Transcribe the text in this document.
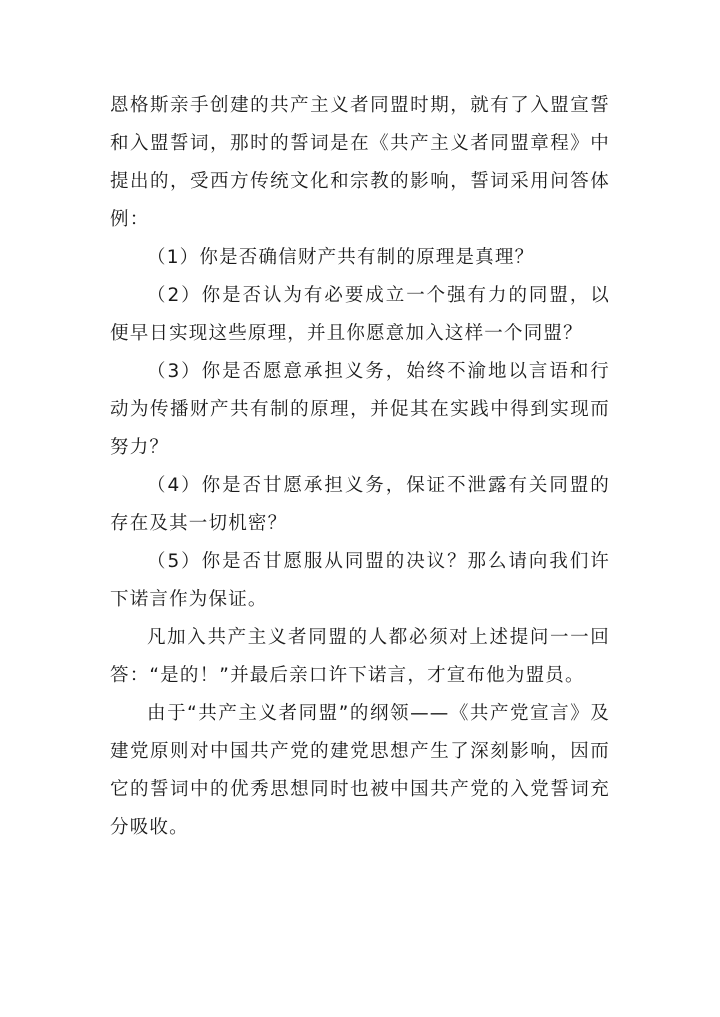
恩格斯亲手创建的共产主义者同盟时期，就有了入盟宣誓和入盟誓词，那时的誓词是在《共产主义者同盟章程》中提出的，受西方传统文化和宗教的影响，誓词采用问答体例：

（1）你是否确信财产共有制的原理是真理？

（2）你是否认为有必要成立一个强有力的同盟，以便早日实现这些原理，并且你愿意加入这样一个同盟？

（3）你是否愿意承担义务，始终不渝地以言语和行动为传播财产共有制的原理，并促其在实践中得到实现而努力？

（4）你是否甘愿承担义务，保证不泄露有关同盟的存在及其一切机密？

（5）你是否甘愿服从同盟的决议？那么请向我们许下诺言作为保证。

凡加入共产主义者同盟的人都必须对上述提问一一回答：“是的！”并最后亲口许下诺言，才宣布他为盟员。

由于“共产主义者同盟”的纲领——《共产党宣言》及建党原则对中国共产党的建党思想产生了深刻影响，因而它的誓词中的优秀思想同时也被中国共产党的入党誓词充分吸收。
